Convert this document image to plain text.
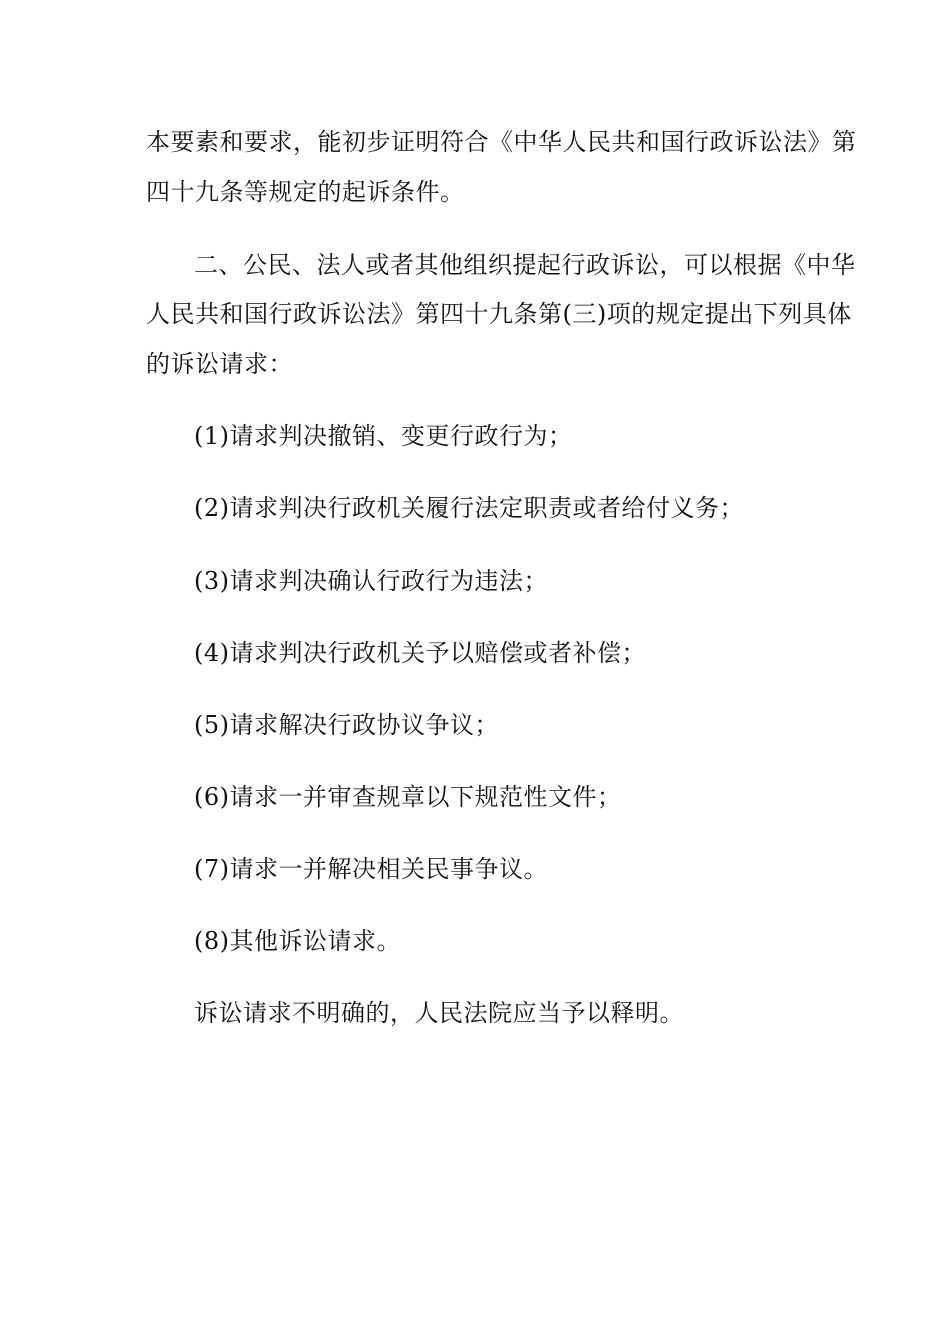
本要素和要求，能初步证明符合《中华人民共和国行政诉讼法》第
四十九条等规定的起诉条件。
二、公民、法人或者其他组织提起行政诉讼，可以根据《中华
人民共和国行政诉讼法》第四十九条第(三)项的规定提出下列具体
的诉讼请求：
(1)请求判决撤销、变更行政行为；
(2)请求判决行政机关履行法定职责或者给付义务；
(3)请求判决确认行政行为违法；
(4)请求判决行政机关予以赔偿或者补偿；
(5)请求解决行政协议争议；
(6)请求一并审查规章以下规范性文件；
(7)请求一并解决相关民事争议。
(8)其他诉讼请求。
诉讼请求不明确的，人民法院应当予以释明。
